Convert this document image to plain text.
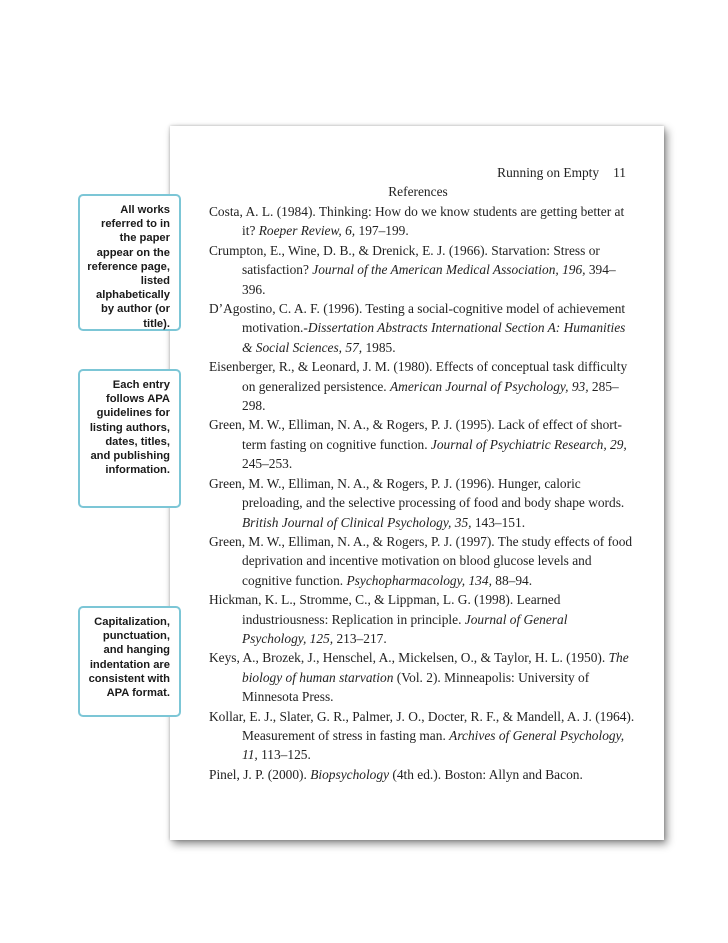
Running on Empty 11
References

Costa, A. L. (1984). Thinking: How do we know students are getting better at it? Roeper Review, 6, 197–199.

Crumpton, E., Wine, D. B., & Drenick, E. J. (1966). Starvation: Stress or satisfaction? Journal of the American Medical Association, 196, 394–396.

D’Agostino, C. A. F. (1996). Testing a social-cognitive model of achievement motivation.-Dissertation Abstracts International Section A: Humanities & Social Sciences, 57, 1985.

Eisenberger, R., & Leonard, J. M. (1980). Effects of conceptual task difficulty on generalized persistence. American Journal of Psychology, 93, 285–298.

Green, M. W., Elliman, N. A., & Rogers, P. J. (1995). Lack of effect of short-term fasting on cognitive function. Journal of Psychiatric Research, 29, 245–253.

Green, M. W., Elliman, N. A., & Rogers, P. J. (1996). Hunger, caloric preloading, and the selective processing of food and body shape words. British Journal of Clinical Psychology, 35, 143–151.

Green, M. W., Elliman, N. A., & Rogers, P. J. (1997). The study effects of food deprivation and incentive motivation on blood glucose levels and cognitive function. Psychopharmacology, 134, 88–94.

Hickman, K. L., Stromme, C., & Lippman, L. G. (1998). Learned industriousness: Replication in principle. Journal of General Psychology, 125, 213–217.

Keys, A., Brozek, J., Henschel, A., Mickelsen, O., & Taylor, H. L. (1950). The biology of human starvation (Vol. 2). Minneapolis: University of Minnesota Press.

Kollar, E. J., Slater, G. R., Palmer, J. O., Docter, R. F., & Mandell, A. J. (1964). Measurement of stress in fasting man. Archives of General Psychology, 11, 113–125.

Pinel, J. P. (2000). Biopsychology (4th ed.). Boston: Allyn and Bacon.

All works referred to in the paper appear on the reference page, listed alphabetically by author (or title).
Each entry follows APA guidelines for listing authors, dates, titles, and publishing information.
Capitalization, punctuation, and hanging indentation are consistent with APA format.
